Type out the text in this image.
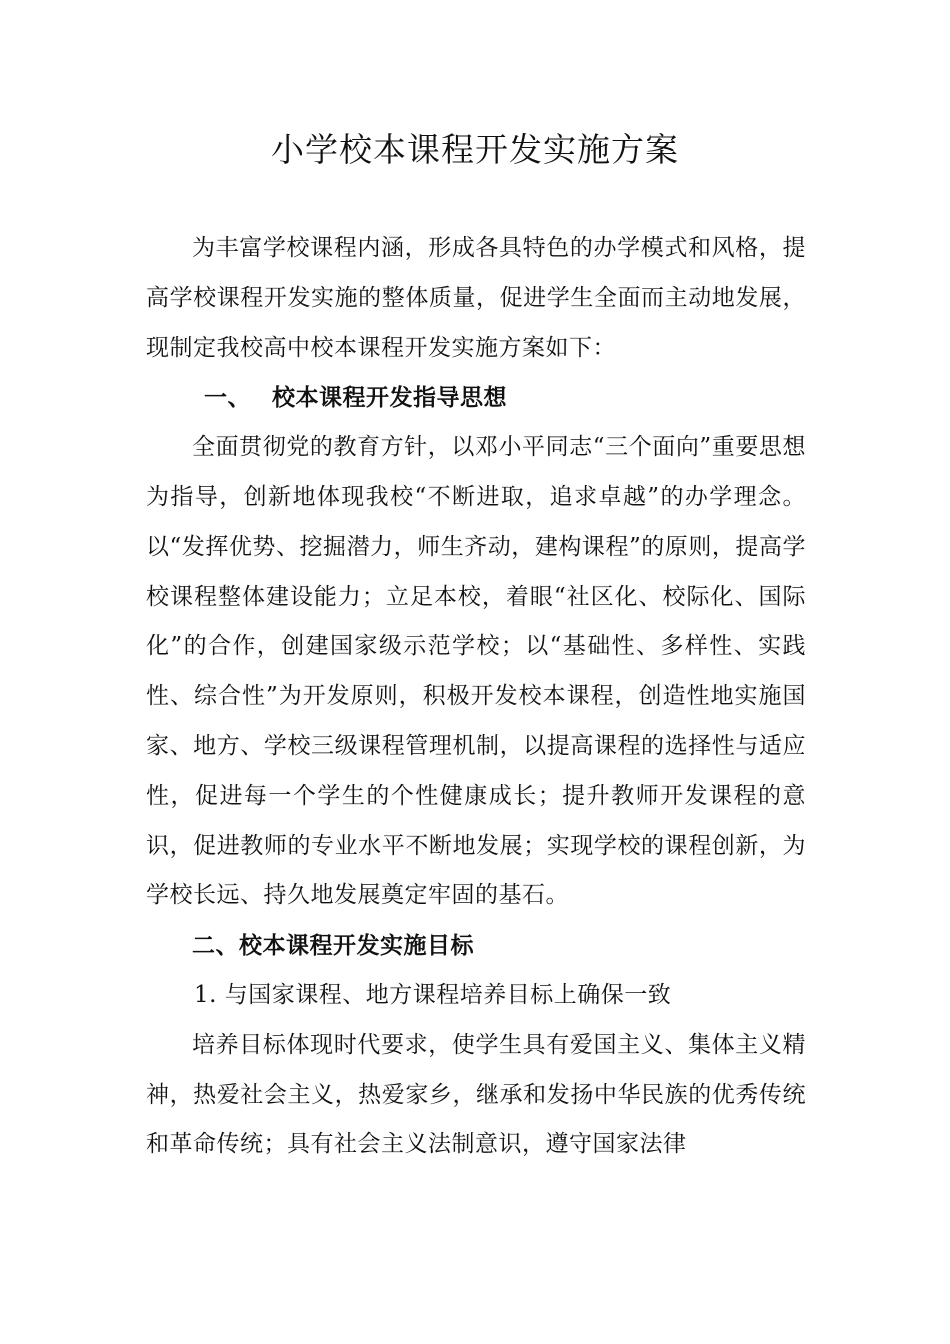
小学校本课程开发实施方案

为丰富学校课程内涵，形成各具特色的办学模式和风格，提高学校课程开发实施的整体质量，促进学生全面而主动地发展，现制定我校高中校本课程开发实施方案如下：

一、 校本课程开发指导思想

全面贯彻党的教育方针，以邓小平同志“三个面向”重要思想为指导，创新地体现我校“不断进取，追求卓越”的办学理念。以“发挥优势、挖掘潜力，师生齐动，建构课程”的原则，提高学校课程整体建设能力；立足本校，着眼“社区化、校际化、国际化”的合作，创建国家级示范学校；以“基础性、多样性、实践性、综合性”为开发原则，积极开发校本课程，创造性地实施国家、地方、学校三级课程管理机制，以提高课程的选择性与适应性，促进每一个学生的个性健康成长；提升教师开发课程的意识，促进教师的专业水平不断地发展；实现学校的课程创新，为学校长远、持久地发展奠定牢固的基石。

二、校本课程开发实施目标

1. 与国家课程、地方课程培养目标上确保一致

培养目标体现时代要求，使学生具有爱国主义、集体主义精神，热爱社会主义，热爱家乡，继承和发扬中华民族的优秀传统和革命传统；具有社会主义法制意识，遵守国家法律
